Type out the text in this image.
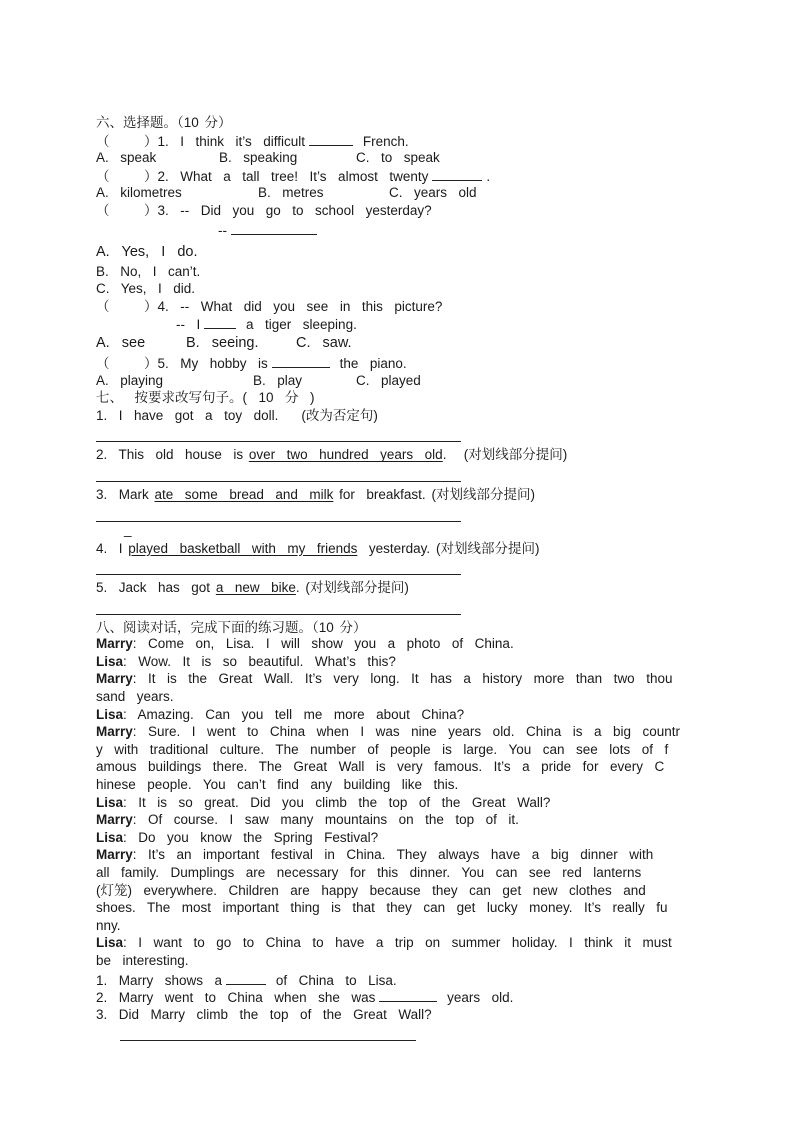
六、选择题。（10 分）
（	）1.  I  think  it’s  difficult	French.
A.  speak	B.  speaking	C.  to  speak
（	）2.  What  a  tall  tree!  It’s  almost  twenty	.
A.  kilometres	B.  metres	C.  years  old
（	）3.  --  Did  you  go  to  school  yesterday?
--
A.  Yes,  I  do.
B.  No,  I  can’t.
C.  Yes,  I  did.
（	）4.  --  What  did  you  see  in  this  picture?
--  I	a  tiger  sleeping.
A.  see	B.  seeing.	C.  saw.
（	）5.  My  hobby  is	the  piano.
A.  playing	B.  play	C.  played
七、  按要求改写句子。(  10  分  )
1.  I  have  got  a  toy  doll. (改为否定句)
2.  This  old  house  is over  two  hundred  years  old. (对划线部分提问)
3.  Mark ate  some  bread  and  milk for  breakfast. (对划线部分提问)
_
4.  I played  basketball  with  my  friends yesterday. (对划线部分提问)
5.  Jack  has  got a  new  bike. (对划线部分提问)
八、阅读对话，完成下面的练习题。（10 分）
Marry:  Come  on,  Lisa.  I  will  show  you  a  photo  of  China.
Lisa:  Wow.  It  is  so  beautiful.  What’s  this?
Marry:  It  is  the  Great  Wall.  It’s  very  long.  It  has  a  history  more  than  two  thou
sand  years.
Lisa:  Amazing.  Can  you  tell  me  more  about  China?
Marry:  Sure.  I  went  to  China  when  I  was  nine  years  old.  China  is  a  big  countr
y  with  traditional  culture.  The  number  of  people  is  large.  You  can  see  lots  of  f
amous  buildings  there.  The  Great  Wall  is  very  famous.  It’s  a  pride  for  every  C
hinese  people.  You  can’t  find  any  building  like  this.
Lisa:  It  is  so  great.  Did  you  climb  the  top  of  the  Great  Wall?
Marry:  Of  course.  I  saw  many  mountains  on  the  top  of  it.
Lisa:  Do  you  know  the  Spring  Festival?
Marry:  It’s  an  important  festival  in  China.  They  always  have  a  big  dinner  with
all  family.  Dumplings  are  necessary  for  this  dinner.  You  can  see  red  lanterns
(灯笼)  everywhere.  Children  are  happy  because  they  can  get  new  clothes  and
shoes.  The  most  important  thing  is  that  they  can  get  lucky  money.  It’s  really  fu
nny.
Lisa:  I  want  to  go  to  China  to  have  a  trip  on  summer  holiday.  I  think  it  must
be  interesting.
1.  Marry  shows  a	of  China  to  Lisa.
2.  Marry  went  to  China  when  she  was	years  old.
3.  Did  Marry  climb  the  top  of  the  Great  Wall?
